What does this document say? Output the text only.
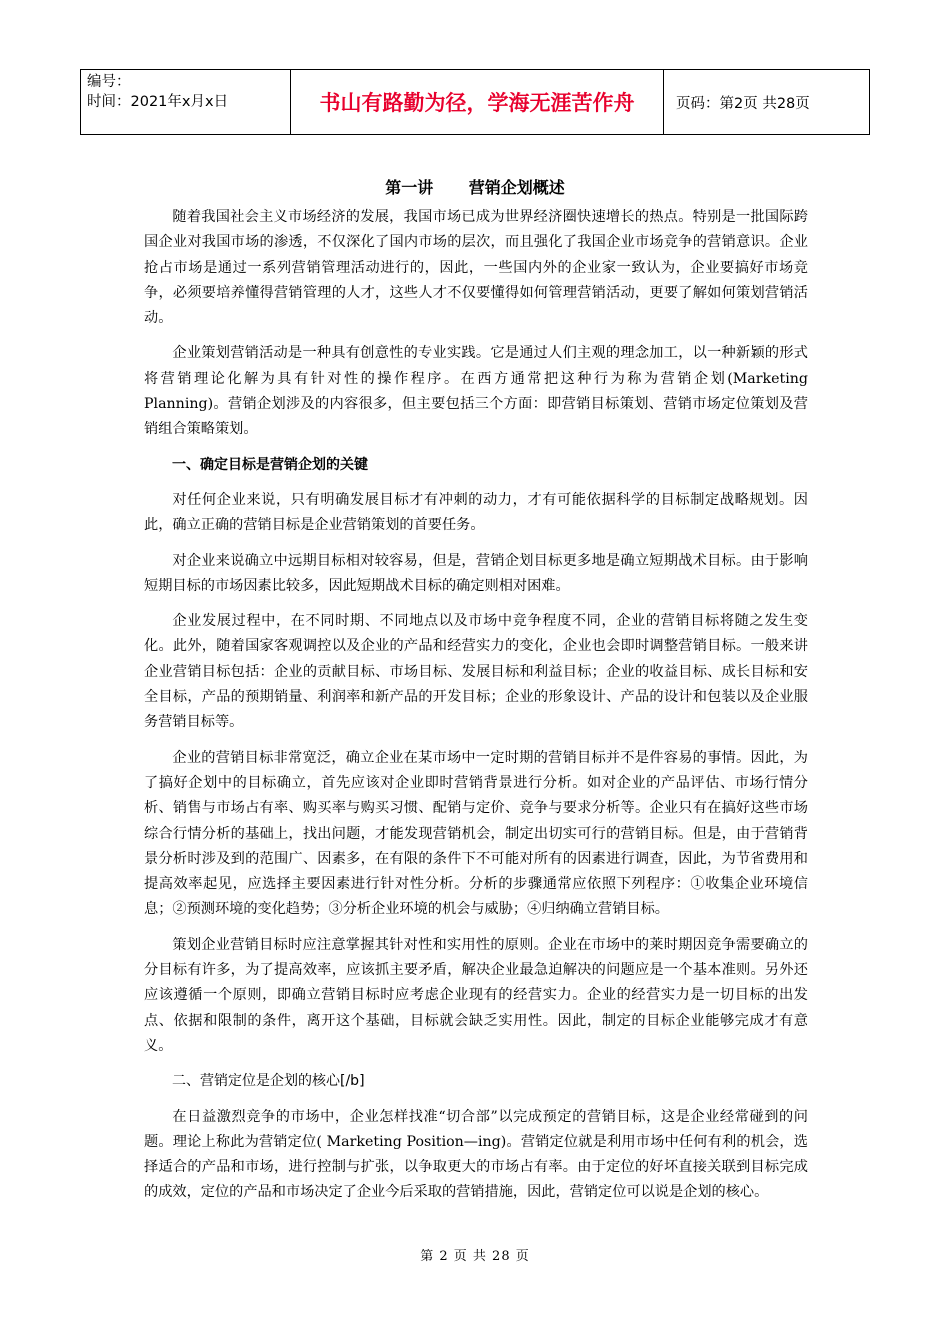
编号：
时间：2021年x月x日	书山有路勤为径，学海无涯苦作舟	页码：第2页 共28页
第一讲 营销企划概述

随着我国社会主义市场经济的发展，我国市场已成为世界经济圈快速增长的热点。特别是一批国际跨国企业对我国市场的渗透，不仅深化了国内市场的层次，而且强化了我国企业市场竞争的营销意识。企业抢占市场是通过一系列营销管理活动进行的，因此，一些国内外的企业家一致认为，企业要搞好市场竞争，必须要培养懂得营销管理的人才，这些人才不仅要懂得如何管理营销活动，更要了解如何策划营销活动。

企业策划营销活动是一种具有创意性的专业实践。它是通过人们主观的理念加工，以一种新颖的形式将营销理论化解为具有针对性的操作程序。在西方通常把这种行为称为营销企划(Marketing Planning)。营销企划涉及的内容很多，但主要包括三个方面：即营销目标策划、营销市场定位策划及营销组合策略策划。

一、确定目标是营销企划的关键

对任何企业来说，只有明确发展目标才有冲刺的动力，才有可能依据科学的目标制定战略规划。因此，确立正确的营销目标是企业营销策划的首要任务。

对企业来说确立中远期目标相对较容易，但是，营销企划目标更多地是确立短期战术目标。由于影响短期目标的市场因素比较多，因此短期战术目标的确定则相对困难。

企业发展过程中，在不同时期、不同地点以及市场中竞争程度不同，企业的营销目标将随之发生变化。此外，随着国家客观调控以及企业的产品和经营实力的变化，企业也会即时调整营销目标。一般来讲企业营销目标包括：企业的贡献目标、市场目标、发展目标和利益目标；企业的收益目标、成长目标和安全目标，产品的预期销量、利润率和新产品的开发目标；企业的形象设计、产品的设计和包装以及企业服务营销目标等。

企业的营销目标非常宽泛，确立企业在某市场中一定时期的营销目标并不是件容易的事情。因此，为了搞好企划中的目标确立，首先应该对企业即时营销背景进行分析。如对企业的产品评估、市场行情分析、销售与市场占有率、购买率与购买习惯、配销与定价、竞争与要求分析等。企业只有在搞好这些市场综合行情分析的基础上，找出问题，才能发现营销机会，制定出切实可行的营销目标。但是，由于营销背景分析时涉及到的范围广、因素多，在有限的条件下不可能对所有的因素进行调查，因此，为节省费用和提高效率起见，应选择主要因素进行针对性分析。分析的步骤通常应依照下列程序：①收集企业环境信息；②预测环境的变化趋势；③分析企业环境的机会与威胁；④归纳确立营销目标。

策划企业营销目标时应注意掌握其针对性和实用性的原则。企业在市场中的莱时期因竞争需要确立的分目标有许多，为了提高效率，应该抓主要矛盾，解决企业最急迫解决的问题应是一个基本准则。另外还应该遵循一个原则，即确立营销目标时应考虑企业现有的经营实力。企业的经营实力是一切目标的出发点、依据和限制的条件，离开这个基础，目标就会缺乏实用性。因此，制定的目标企业能够完成才有意义。

二、营销定位是企划的核心[/b]

在日益激烈竞争的市场中，企业怎样找准“切合部”以完成预定的营销目标，这是企业经常碰到的问题。理论上称此为营销定位( Marketing Position—ing)。营销定位就是利用市场中任何有利的机会，选择适合的产品和市场，进行控制与扩张，以争取更大的市场占有率。由于定位的好坏直接关联到目标完成的成效，定位的产品和市场决定了企业今后采取的营销措施，因此，营销定位可以说是企划的核心。

第 2 页 共 28 页
